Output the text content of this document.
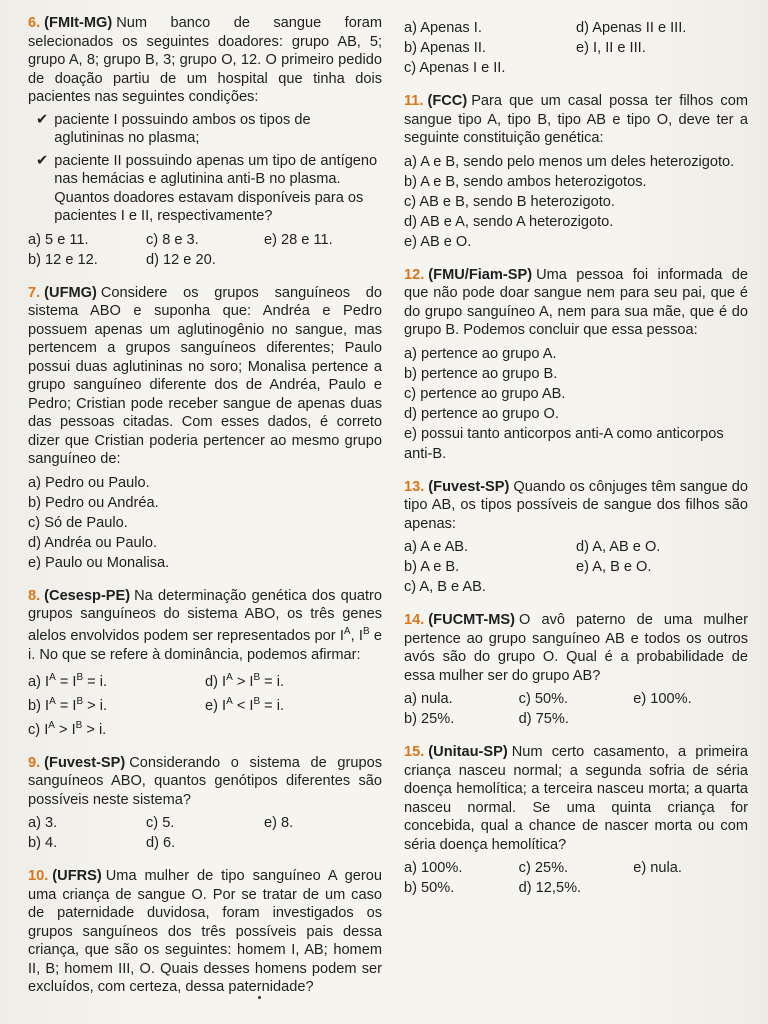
6. (FMIt-MG) Num banco de sangue foram selecionados os seguintes doadores: grupo AB, 5; grupo A, 8; grupo B, 3; grupo O, 12. O primeiro pedido de doação partiu de um hospital que tinha dois pacientes nas seguintes condições:
✔ paciente I possuindo ambos os tipos de aglutininas no plasma;
✔ paciente II possuindo apenas um tipo de antígeno nas hemácias e aglutinina anti-B no plasma. Quantos doadores estavam disponíveis para os pacientes I e II, respectivamente?
a) 5 e 11.	c) 8 e 3.	e) 28 e 11.
b) 12 e 12.	d) 12 e 20.
7. (UFMG) Considere os grupos sanguíneos do sistema ABO e suponha que: Andréa e Pedro possuem apenas um aglutinogênio no sangue, mas pertencem a grupos sanguíneos diferentes; Paulo possui duas aglutininas no soro; Monalisa pertence a grupo sanguíneo diferente dos de Andréa, Paulo e Pedro; Cristian pode receber sangue de apenas duas das pessoas citadas. Com esses dados, é correto dizer que Cristian poderia pertencer ao mesmo grupo sanguíneo de:
a) Pedro ou Paulo.
b) Pedro ou Andréa.
c) Só de Paulo.
d) Andréa ou Paulo.
e) Paulo ou Monalisa.
8. (Cesesp-PE) Na determinação genética dos quatro grupos sanguíneos do sistema ABO, os três genes alelos envolvidos podem ser representados por $I^A$, $I^B$ e i. No que se refere à dominância, podemos afirmar:
a) $I^A = I^B = i$.	d) $I^A > I^B = i$.
b) $I^A = I^B > i$.	e) $I^A < I^B = i$.
c) $I^A > I^B > i$.
9. (Fuvest-SP) Considerando o sistema de grupos sanguíneos ABO, quantos genótipos diferentes são possíveis neste sistema?
a) 3.	c) 5.	e) 8.
b) 4.	d) 6.
10. (UFRS) Uma mulher de tipo sanguíneo A gerou uma criança de sangue O. Por se tratar de um caso de paternidade duvidosa, foram investigados os grupos sanguíneos dos três possíveis pais dessa criança, que são os seguintes: homem I, AB; homem II, B; homem III, O. Quais desses homens podem ser excluídos, com certeza, dessa paternidade?
a) Apenas I.	d) Apenas II e III.
b) Apenas II.	e) I, II e III.
c) Apenas I e II.
11. (FCC) Para que um casal possa ter filhos com sangue tipo A, tipo B, tipo AB e tipo O, deve ter a seguinte constituição genética:
a) A e B, sendo pelo menos um deles heterozigoto.
b) A e B, sendo ambos heterozigotos.
c) AB e B, sendo B heterozigoto.
d) AB e A, sendo A heterozigoto.
e) AB e O.
12. (FMU/Fiam-SP) Uma pessoa foi informada de que não pode doar sangue nem para seu pai, que é do grupo sanguíneo A, nem para sua mãe, que é do grupo B. Podemos concluir que essa pessoa:
a) pertence ao grupo A.
b) pertence ao grupo B.
c) pertence ao grupo AB.
d) pertence ao grupo O.
e) possui tanto anticorpos anti-A como anticorpos anti-B.
13. (Fuvest-SP) Quando os cônjuges têm sangue do tipo AB, os tipos possíveis de sangue dos filhos são apenas:
a) A e AB.	d) A, AB e O.
b) A e B.	e) A, B e O.
c) A, B e AB.
14. (FUCMT-MS) O avô paterno de uma mulher pertence ao grupo sanguíneo AB e todos os outros avós são do grupo O. Qual é a probabilidade de essa mulher ser do grupo AB?
a) nula.	c) 50%.	e) 100%.
b) 25%.	d) 75%.
15. (Unitau-SP) Num certo casamento, a primeira criança nasceu normal; a segunda sofria de séria doença hemolítica; a terceira nasceu morta; a quarta nasceu normal. Se uma quinta criança for concebida, qual a chance de nascer morta ou com séria doença hemolítica?
a) 100%.	c) 25%.	e) nula.
b) 50%.	d) 12,5%.
